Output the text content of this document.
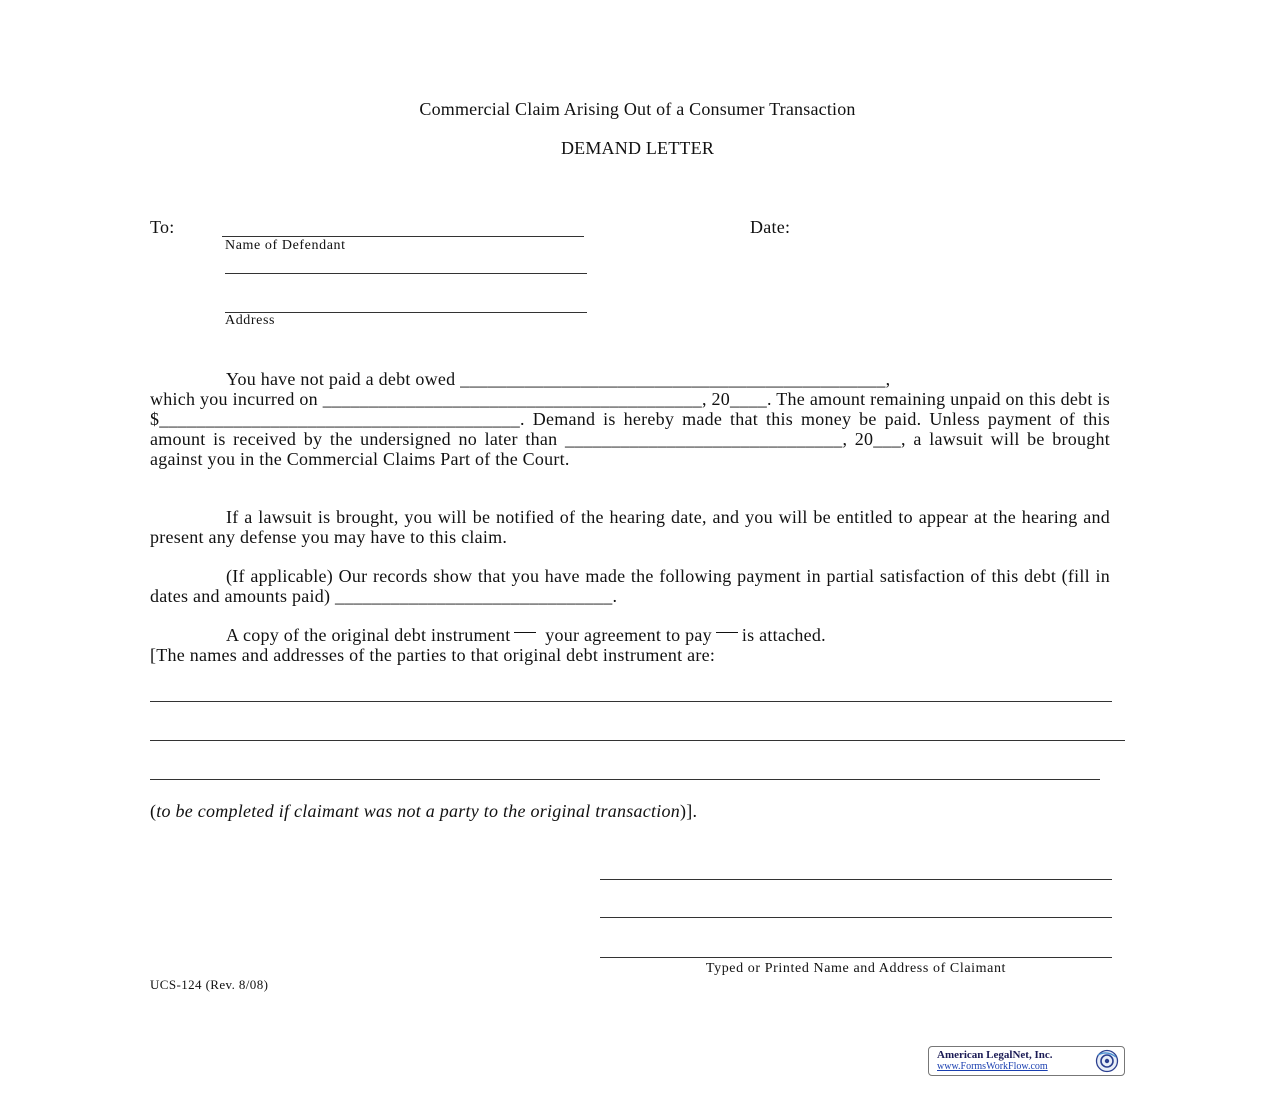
Commercial Claim Arising Out of a Consumer Transaction
DEMAND LETTER
To:
Name of Defendant
Date:
Address
You have not paid a debt owed ______________________________________________,
which you incurred on _________________________________________, 20____. The amount remaining unpaid on this debt is $_______________________________________. Demand is hereby made that this money be paid. Unless payment of this amount is received by the undersigned no later than ______________________________, 20___, a lawsuit will be brought against you in the Commercial Claims Part of the Court.
If a lawsuit is brought, you will be notified of the hearing date, and you will be entitled to appear at the hearing and present any defense you may have to this claim.
(If applicable) Our records show that you have made the following payment in partial satisfaction of this debt (fill in dates and amounts paid) ______________________________.
A copy of the original debt instrument your agreement to pay is attached.
[The names and addresses of the parties to that original debt instrument are:
(to be completed if claimant was not a party to the original transaction)].
Typed or Printed Name and Address of Claimant
UCS-124 (Rev. 8/08)
American LegalNet, Inc.
www.FormsWorkFlow.com
